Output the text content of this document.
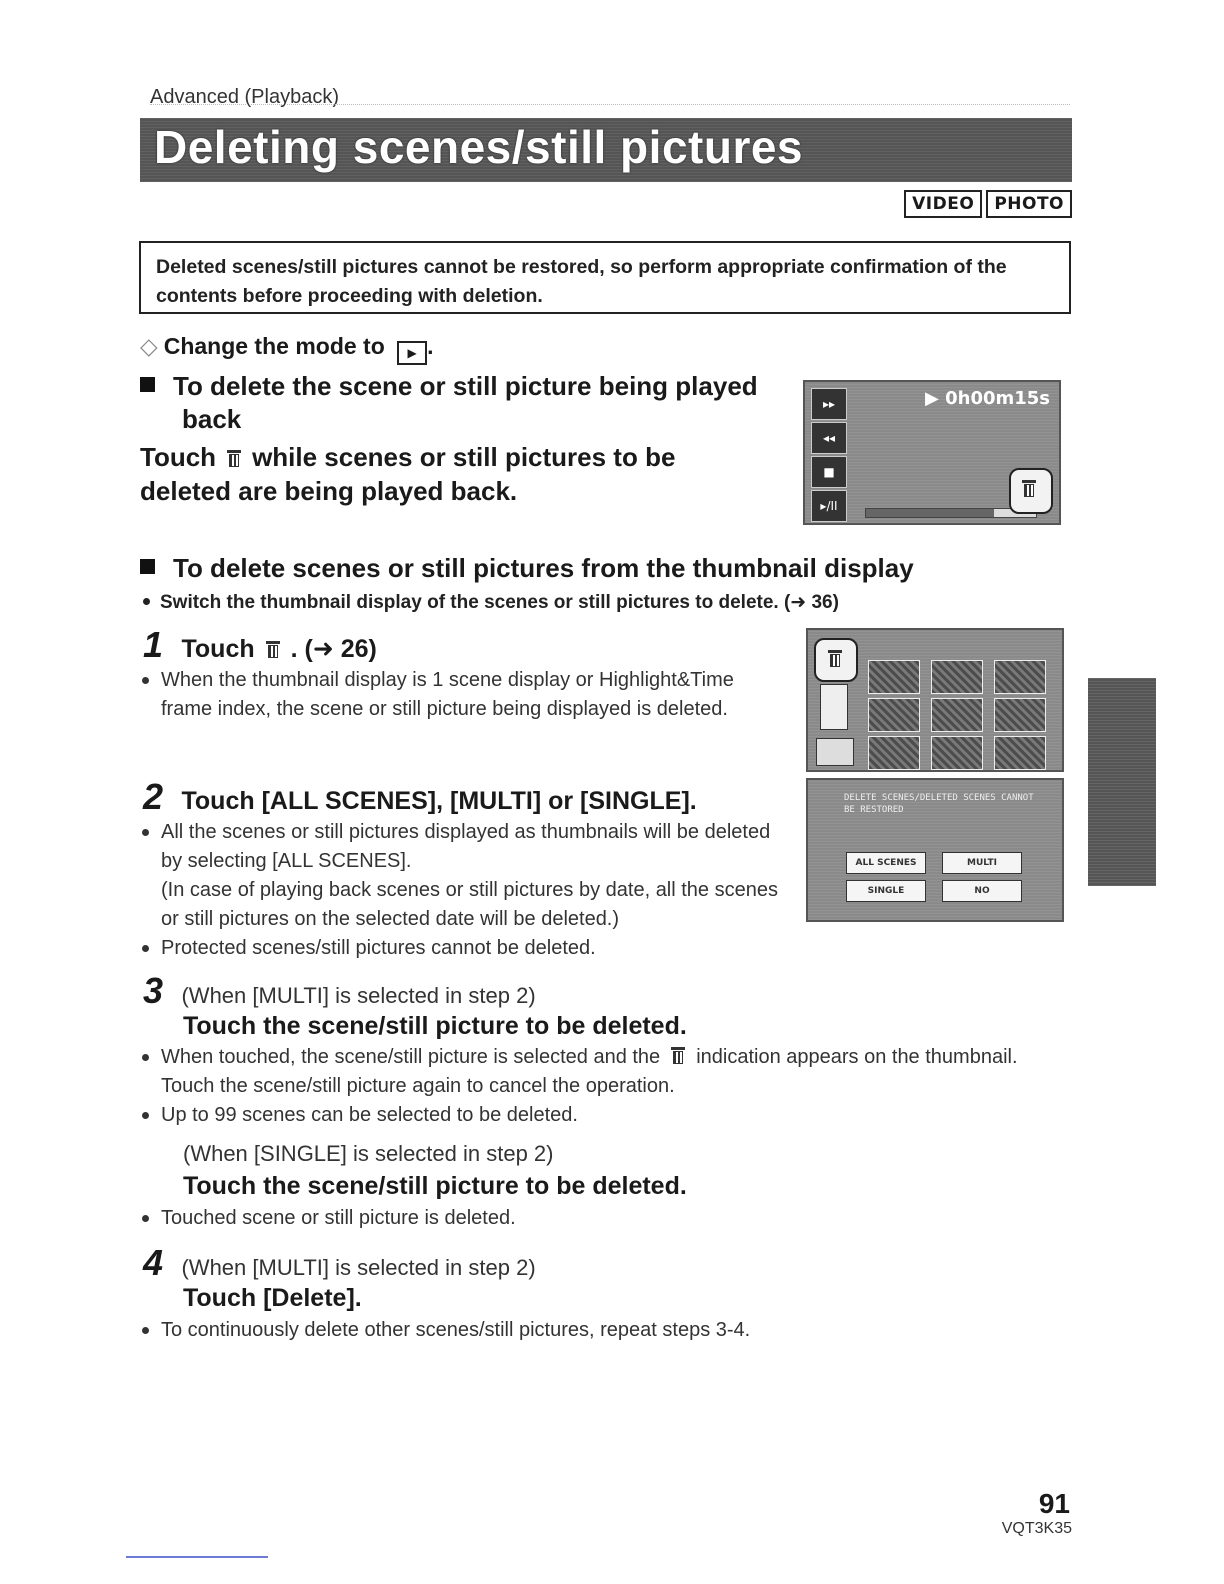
Advanced (Playback)
Deleting scenes/still pictures
VIDEO	PHOTO
Deleted scenes/still pictures cannot be restored, so perform appropriate confirmation of the contents before proceeding with deletion.
◇ Change the mode to ▶ .
To delete the scene or still picture being played back
Touch while scenes or still pictures to be deleted are being played back.
▸▸
◂◂
■
▸/II
▶ 0h00m15s
To delete scenes or still pictures from the thumbnail display
Switch the thumbnail display of the scenes or still pictures to delete. (➜ 36)
1 Touch . (➜ 26)
When the thumbnail display is 1 scene display or Highlight&Time frame index, the scene or still picture being displayed is deleted.
2 Touch [ALL SCENES], [MULTI] or [SINGLE].
All the scenes or still pictures displayed as thumbnails will be deleted by selecting [ALL SCENES].
(In case of playing back scenes or still pictures by date, all the scenes or still pictures on the selected date will be deleted.)
Protected scenes/still pictures cannot be deleted.
DELETE SCENES/DELETED SCENES CANNOT BE RESTORED
ALL SCENES	MULTI
SINGLE	NO
3 (When [MULTI] is selected in step 2)
Touch the scene/still picture to be deleted.
When touched, the scene/still picture is selected and the indication appears on the thumbnail. Touch the scene/still picture again to cancel the operation.
Up to 99 scenes can be selected to be deleted.
(When [SINGLE] is selected in step 2)
Touch the scene/still picture to be deleted.
Touched scene or still picture is deleted.
4 (When [MULTI] is selected in step 2)
Touch [Delete].
To continuously delete other scenes/still pictures, repeat steps 3-4.
91
VQT3K35
